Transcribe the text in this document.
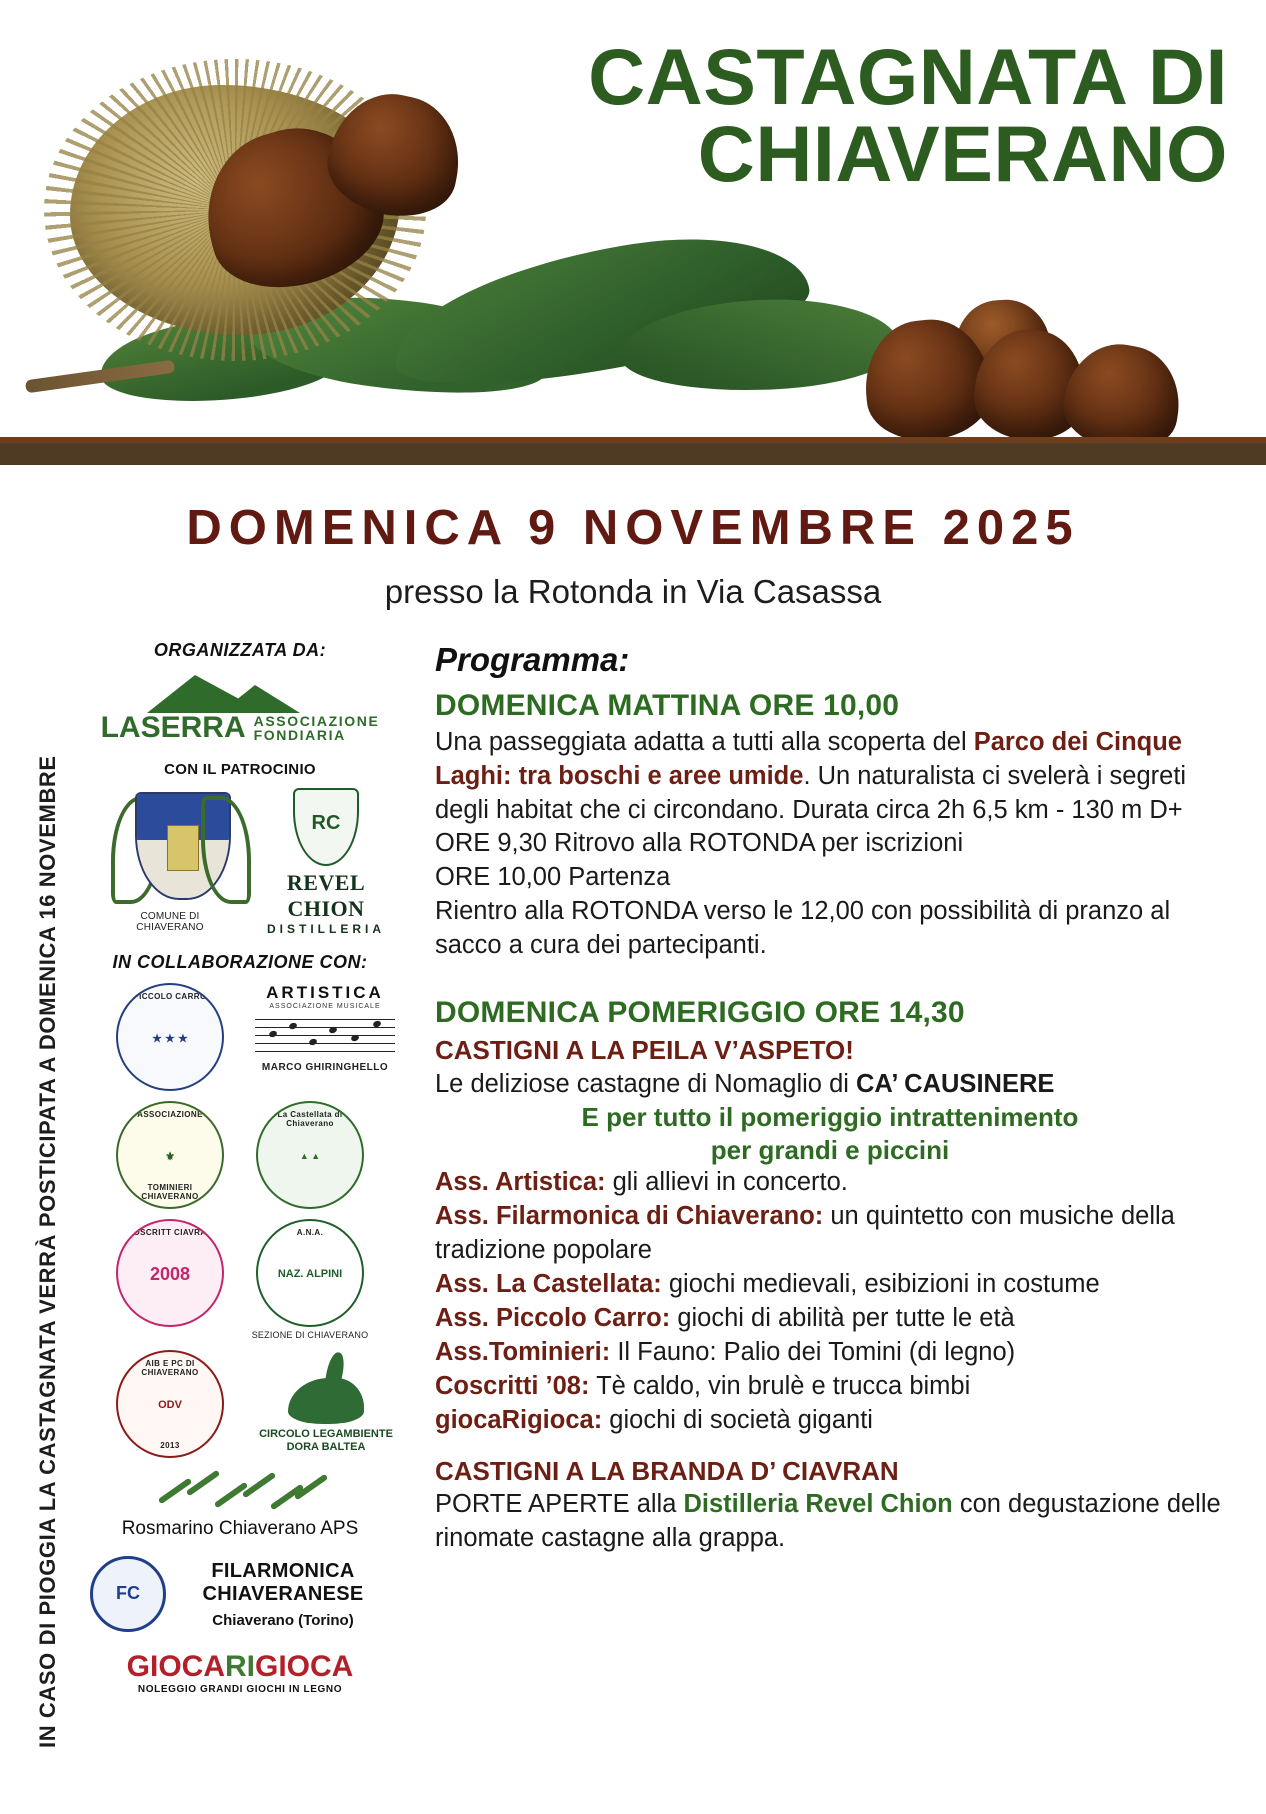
CASTAGNATA DI
CHIAVERANO
DOMENICA 9 NOVEMBRE 2025
presso la Rotonda in Via Casassa
IN CASO DI PIOGGIA LA CASTAGNATA VERRÀ POSTICIPATA A DOMENICA 16 NOVEMBRE
ORGANIZZATA DA:
LASERRA ASSOCIAZIONE
FONDIARIA
CON IL PATROCINIO
COMUNE DI CHIAVERANO
RC
REVEL CHION
DISTILLERIA
IN COLLABORAZIONE CON:
PICCOLO CARRO
★ ★ ★
ARTISTICA
ASSOCIAZIONE MUSICALE
MARCO GHIRINGHELLO
ASSOCIAZIONE
⚜
TOMINIERI CHIAVERANO
La Castellata di Chiaverano
▲ ▲
COSCRITT CIAVRAN
2008
A.N.A.
NAZ. ALPINI
SEZIONE DI CHIAVERANO
AIB E PC DI CHIAVERANO
ODV
2013
CIRCOLO LEGAMBIENTE
DORA BALTEA
Rosmarino Chiaverano APS
FC
FILARMONICA CHIAVERANESE
Chiaverano (Torino)
GIOCARIGIOCA
NOLEGGIO GRANDI GIOCHI IN LEGNO
Programma:
DOMENICA MATTINA ORE 10,00

Una passeggiata adatta a tutti alla scoperta del Parco dei Cinque Laghi: tra boschi e aree umide. Un naturalista ci svelerà i segreti degli habitat che ci circondano. Durata circa 2h 6,5 km - 130 m D+

ORE 9,30 Ritrovo alla ROTONDA per iscrizioni

ORE 10,00 Partenza

Rientro alla ROTONDA verso le 12,00 con possibilità di pranzo al sacco a cura dei partecipanti.

DOMENICA POMERIGGIO ORE 14,30
CASTIGNI A LA PEILA V’ASPETO!

Le deliziose castagne di Nomaglio di CA’ CAUSINERE

E per tutto il pomeriggio intrattenimento
per grandi e piccini

Ass. Artistica: gli allievi in concerto.

Ass. Filarmonica di Chiaverano: un quintetto con musiche della tradizione popolare

Ass. La Castellata: giochi medievali, esibizioni in costume

Ass. Piccolo Carro: giochi di abilità per tutte le età

Ass.Tominieri: Il Fauno: Palio dei Tomini (di legno)

Coscritti ’08: Tè caldo, vin brulè e trucca bimbi

giocaRigioca: giochi di società giganti

CASTIGNI A LA BRANDA D’ CIAVRAN

PORTE APERTE alla Distilleria Revel Chion con degustazione delle rinomate castagne alla grappa.
